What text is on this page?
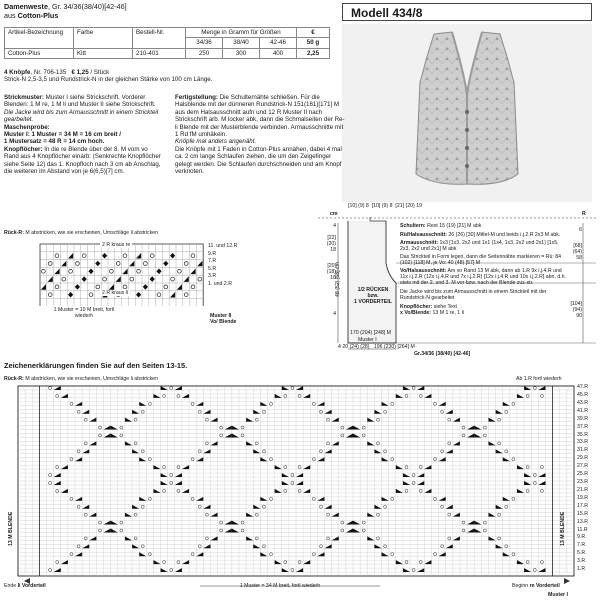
Damenweste, Gr. 34/36(38/40)[42-46]
aus Cotton-Plus	Modell 434/8
Artikel-Bezeichnung	Farbe	Bestell-Nr.	Menge in Gramm für Größen			€
			34/36	38/40	42-46	50 g
Cotton-Plus	Kitt	210-401	250	300	400	2,25
4 Knöpfe, Nr. 706-135 € 1,25 / Stück
Strick-N 2,5-3,5 und Rundstrick-N in der gleichen Stärke von 100 cm Länge.
Strickmuster: Muster I siehe Strickschrift. Vorderer Blenden: 1 M re, 1 M li und Muster II siehe Strickschrift.
Die Jacke wird bis zum Armausschnitt in einem Strickteil gearbeitet.
Maschenprobe:
Muster I: 1 Muster = 34 M = 16 cm breit /
1 Mustersatz = 48 R = 14 cm hoch.
Knopflöcher: In die re Blende über der 8. M vom vo Rand aus 4 Knopflöcher einarb: (Senkrechte Knopflöcher siehe Seite 12) das 1. Knopfloch nach 3 cm ab Anschlag, die weiteren im Abstand von je 6(6,5)[7] cm.
Fertigstellung: Die Schulternähte schließen. Für die Halsblende mit der dünneren Rundstrick-N 151(161)[171] M aus dem Halsausschnitt aufn und 12 R Muster II nach Strickschrift arb. M locker abk, dann die Schmalseiten der Re-li Blende mit der Musterblende verbinden. Armausschnitte mit 1 Rd fM umhäkeln.
Knöpfe mal anders angenäht.
Die Knöpfe mit 1 Faden in Cotton-Plus annähen, dabei 4 mal ca. 2 cm lange Schlaufen ziehen, die um den Zeigefinger gelegt werden. Die Schlaufen durchschneiden und am Knopf verknoten.
Rück-R: M abstricken, wie sie erscheinen, Umschläge li abstricken
2 R kraus re
2 R kraus li
11. und 12.R
9.R
7.R
5.R
3.R
1. und 2.R
1 Muster = 10 M breit, fortl wiederh	Muster II
Vo/ Blende
[10] (9) 8 [10] (9) 8 [21] (20) 19
cm	R
4
[22]
(20)
18
[20]
(18)
16
4
48 (52) [58] cm	1/2 RÜCKEN
bzw.
1 VORDERTEIL
4 20 (24) (28) 196 (230) [264] M
170 (204) [248] M
Muster I
Gr.34/36 (38/40) [42-46]
6
[68]
(64)
58
[104]
(94)
90
Schultern: Rest 15 (19) [21] M abk
Rü/Halsausschnitt: 26 (26) [30] Mittel-M und beids i.j.2.R 2x3 M abk.
Armausschnitt: 1x3 [1x3, 2x2 und 1x1 (1x4, 1x3, 2x2 und 2x1) [1x5, 2x3, 2x2 und 2x1] M abk
Das Strickteil in Form legen, dann die Seitennähte markieren = Rü: 84 (102) [118] M, je Vo: 40 (48) [57] M
Vo/Halsausschnitt: Am vo Rand 13 M abk, dann ab 1.R 9x i.j.4.R und 11x i.j.2.R (12x i.j.4.R und 7x i.j.2.R) [12x i.j.4.R und 10x i.j.2.R] abn, d.h. stets mit der 2. und 3. M vor bzw. nach der Blende zus-str.
Die Jacke wird bis zum Armausschnitt in einem Strickteil mit der Rundstrick-N gearbeitet
Knopflöcher: siehe Text
x Vo/Blende: 13 M 1 re, 1 li
Zeichenerklärungen finden Sie auf den Seiten 13-15.
Rück-R: M abstricken, wie sie erscheinen, Umschläge li abstricken	Ab 1.R fortl wiederh
13 M BLENDE	13 M BLENDE
47.R
45.R
43.R
41.R
39.R
37.R
35.R
33.R
31.R
29.R
27.R
25.R
23.R
21.R
19.R
17.R
15.R
13.R
11.R
9.R
7.R
5.R
3.R
1.R
Ende li Vorderteil	1 Muster = 34 M breit, fortl wiederh	Beginn re Vorderteil
Muster I
